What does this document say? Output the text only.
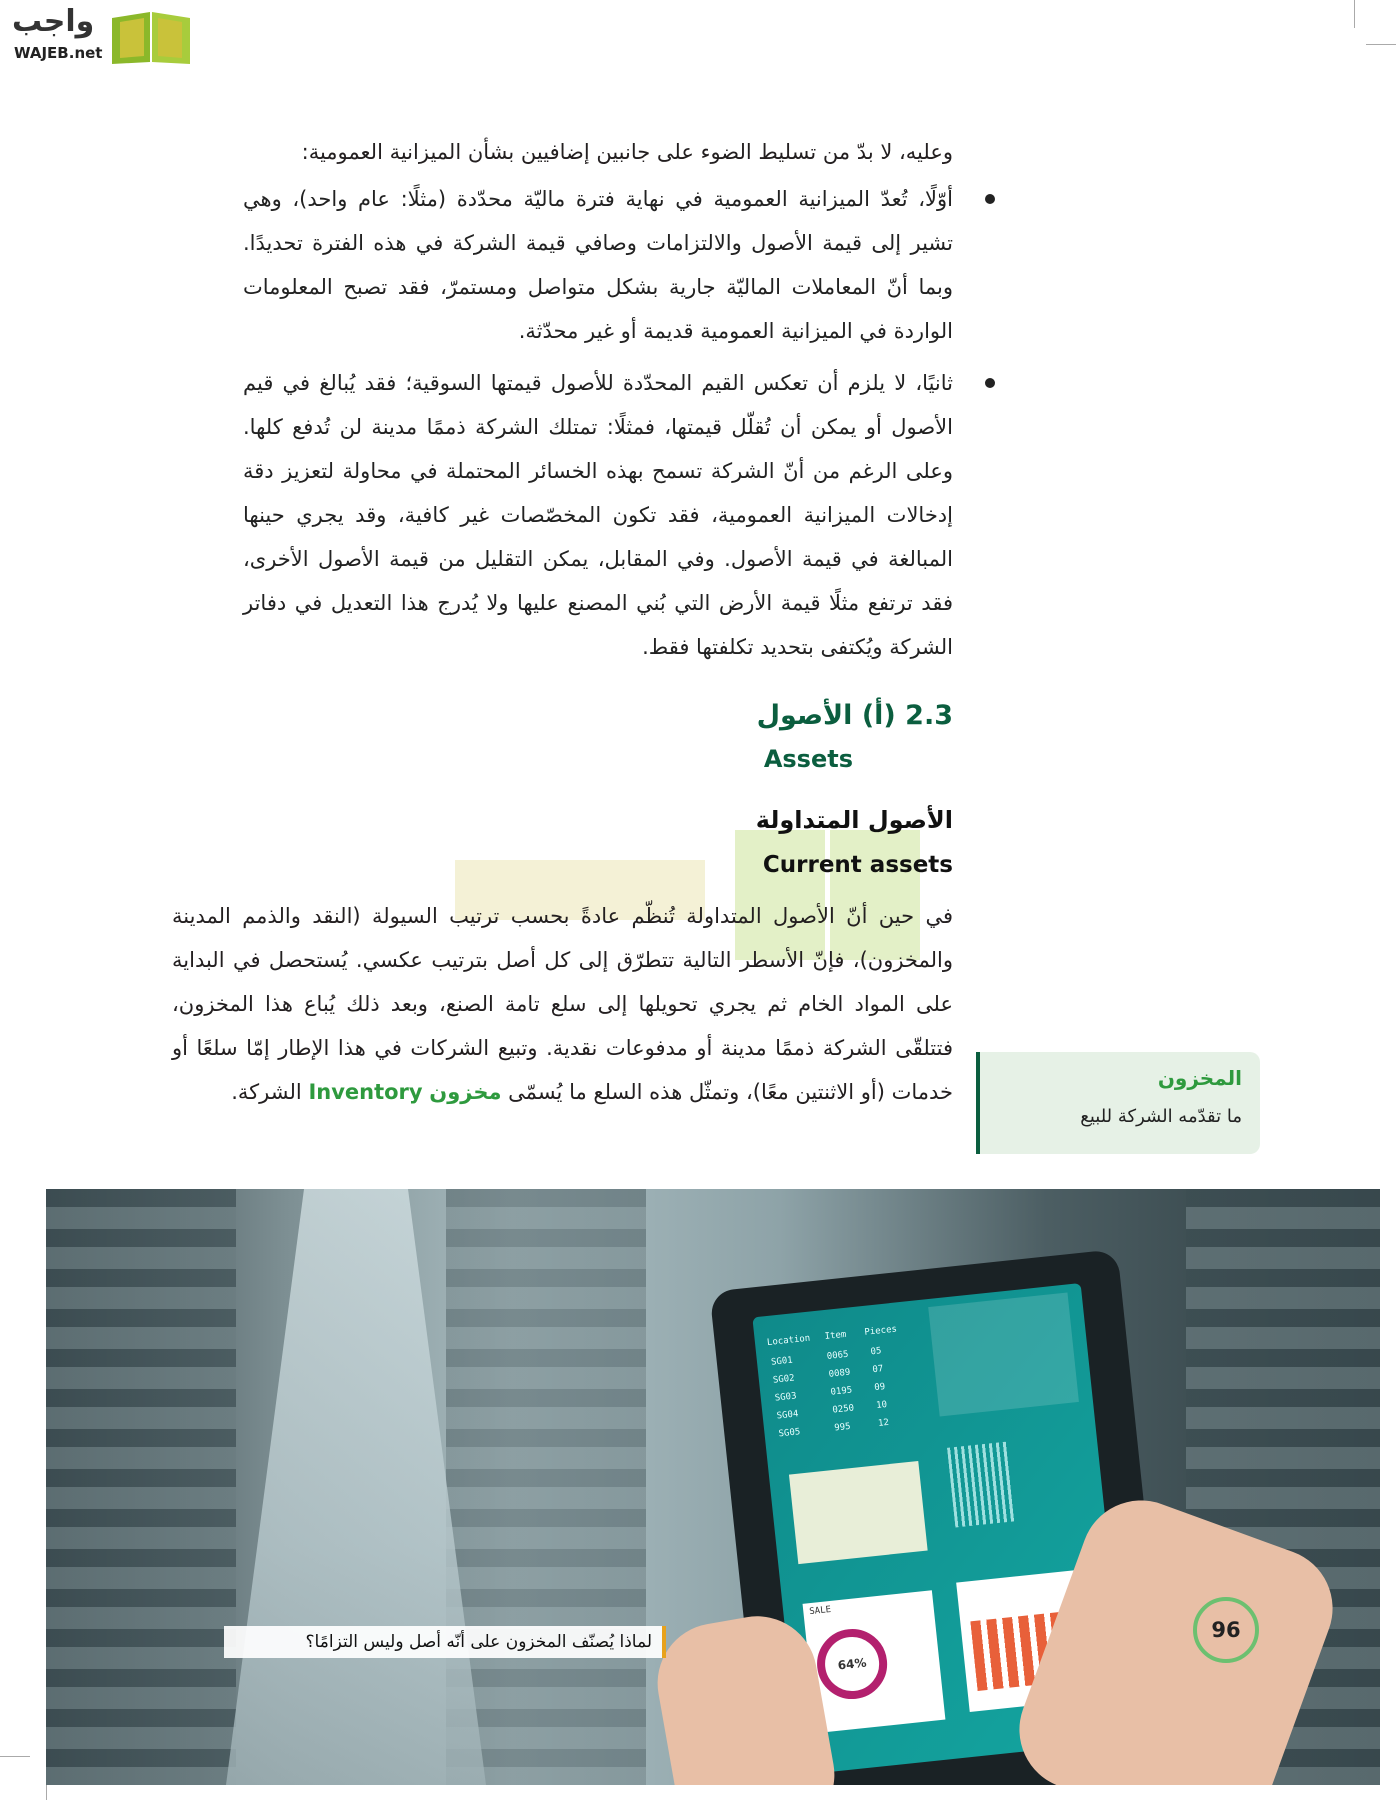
وعليه، لا بدّ من تسليط الضوء على جانبين إضافيين بشأن الميزانية العمومية:
أوّلًا، تُعدّ الميزانية العمومية في نهاية فترة ماليّة محدّدة (مثلًا: عام واحد)، وهي تشير إلى قيمة الأصول والالتزامات وصافي قيمة الشركة في هذه الفترة تحديدًا. وبما أنّ المعاملات الماليّة جارية بشكل متواصل ومستمرّ، فقد تصبح المعلومات الواردة في الميزانية العمومية قديمة أو غير محدّثة.
ثانيًا، لا يلزم أن تعكس القيم المحدّدة للأصول قيمتها السوقية؛ فقد يُبالغ في قيم الأصول أو يمكن أن تُقلّل قيمتها، فمثلًا: تمتلك الشركة ذممًا مدينة لن تُدفع كلها. وعلى الرغم من أنّ الشركة تسمح بهذه الخسائر المحتملة في محاولة لتعزيز دقة إدخالات الميزانية العمومية، فقد تكون المخصّصات غير كافية، وقد يجري حينها المبالغة في قيمة الأصول. وفي المقابل، يمكن التقليل من قيمة الأصول الأخرى، فقد ترتفع مثلًا قيمة الأرض التي بُني المصنع عليها ولا يُدرج هذا التعديل في دفاتر الشركة ويُكتفى بتحديد تكلفتها فقط.
2.3 (أ) الأصول
Assets
الأصول المتداولة
Current assets
في حين أنّ الأصول المتداولة تُنظّم عادةً بحسب ترتيب السيولة (النقد والذمم المدينة والمخزون)، فإنّ الأسطر التالية تتطرّق إلى كل أصل بترتيب عكسي. يُستحصل في البداية على المواد الخام ثم يجري تحويلها إلى سلع تامة الصنع، وبعد ذلك يُباع هذا المخزون، فتتلقّى الشركة ذممًا مدينة أو مدفوعات نقدية. وتبيع الشركات في هذا الإطار إمّا سلعًا أو خدمات (أو الاثنتين معًا)، وتمثّل هذه السلع ما يُسمّى مخزون Inventory الشركة.
المخزون
ما تقدّمه الشركة للبيع
Location Item Pieces
SG01	0065 05
SG02	0089 07
SG03	0195 09
SG04	0250 10
SG05	995	12
SALE
64%
لماذا يُصنّف المخزون على أنّه أصل وليس التزامًا؟	96
واجب
WAJEB.net
